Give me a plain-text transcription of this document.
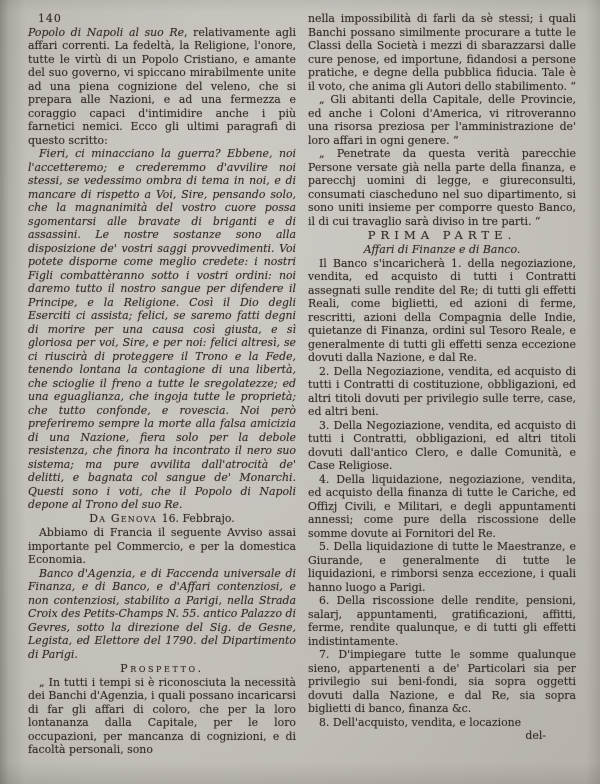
140
Popolo di Napoli al suo Re, relativamente agli affari correnti. La fedeltà, la Religione, l'onore, tutte le virtù di un Popolo Cristiano, e amante del suo governo, vi spiccano mirabilmente unite ad una piena cognizione del veleno, che si prepara alle Nazioni, e ad una fermezza e coraggio capaci d'intimidire anche i più farnetici nemici. Ecco gli ultimi paragrafi di questo scritto:
Fieri, ci minacciano la guerra? Ebbene, noi l'accetteremo; e crederemmo d'avvilire noi stessi, se vedessimo ombra di tema in noi, e di mancare di rispetto a Voi, Sire, pensando solo, che la magnanimità del vostro cuore possa sgomentarsi alle bravate di briganti e di assassini. Le nostre sostanze sono alla disposizione de' vostri saggi provvedimenti. Voi potete disporne come meglio credete: i nostri Figli combattèranno sotto i vostri ordini: noi daremo tutto il nostro sangue per difendere il Principe, e la Religione. Così il Dio degli Eserciti ci assista; felici, se saremo fatti degni di morire per una causa così giusta, e sì gloriosa per voi, Sire, e per noi: felici altresì, se ci riuscirà di proteggere il Trono e la Fede, tenendo lontana la contagione di una libertà, che scioglie il freno a tutte le sregolatezze; ed una eguaglianza, che ingoja tutte le proprietà; che tutto confonde, e rovescia. Noi però preferiremo sempre la morte alla falsa amicizia di una Nazione, fiera solo per la debole resistenza, che finora ha incontrato il nero suo sistema; ma pure avvilita dall'atrocità de' delitti, e bagnata col sangue de' Monarchi. Questi sono i voti, che il Popolo di Napoli depone al Trono del suo Re.
Da Genova 16. Febbrajo.
Abbiamo di Francia il seguente Avviso assai importante pel Commercio, e per la domestica Economia.
Banco d'Agenzia, e di Faccenda universale di Finanza, e di Banco, e d'Affari contenziosi, e non contenziosi, stabilito a Parigi, nella Strada Croix des Petits-Champs N. 55. antico Palazzo di Gevres, sotto la direzione del Sig. de Gesne, Legista, ed Elettore del 1790. del Dipartimento di Parigi.
Prospetto.
„ In tutti i tempi si è riconosciuta la necessità dei Banchi d'Agenzia, i quali possano incaricarsi di far gli affari di coloro, che per la loro lontananza dalla Capitale, per le loro occupazioni, per mancanza di cognizioni, e di facoltà personali, sono
nella impossibilità di farli da sè stessi; i quali Banchi possano similmente procurare a tutte le Classi della Società i mezzi di sbarazzarsi dalle cure penose, ed importune, fidandosi a persone pratiche, e degne della pubblica fiducia. Tale è il voto, che anima gli Autori dello stabilimento. “
„ Gli abitanti della Capitale, delle Provincie, ed anche i Coloni d'America, vi ritroveranno una risorsa preziosa per l'amministrazione de' loro affari in ogni genere. “
„ Penetrate da questa verità parecchie Persone versate già nella parte della finanza, e parecchj uomini di legge, e giureconsulti, consumati ciascheduno nel suo dipartimento, si sono uniti insieme per comporre questo Banco, il di cui travaglio sarà diviso in tre parti. “
PRIMA PARTE.
Affari di Finanze e di Banco.
Il Banco s'incaricherà 1. della negoziazione, vendita, ed acquisto di tutti i Contratti assegnati sulle rendite del Re; di tutti gli effetti Reali, come biglietti, ed azioni di ferme, rescritti, azioni della Compagnia delle Indie, quietanze di Finanza, ordini sul Tesoro Reale, e generalmente di tutti gli effetti senza eccezione dovuti dalla Nazione, e dal Re.
2. Della Negoziazione, vendita, ed acquisto di tutti i Contratti di costituzione, obbligazioni, ed altri titoli dovuti per privilegio sulle terre, case, ed altri beni.
3. Della Negoziazione, vendita, ed acquisto di tutti i Contratti, obbligazioni, ed altri titoli dovuti dall'antico Clero, e dalle Comunità, e Case Religiose.
4. Della liquidazione, negoziazione, vendita, ed acquisto della finanza di tutte le Cariche, ed Offizj Civili, e Militari, e degli appuntamenti annessi; come pure della riscossione delle somme dovute ai Fornitori del Re.
5. Della liquidazione di tutte le Maestranze, e Giurande, e generalmente di tutte le liquidazioni, e rimborsi senza eccezione, i quali hanno luogo a Parigi.
6. Della riscossione delle rendite, pensioni, salarj, appuntamenti, gratificazioni, affitti, ferme, rendite qualunque, e di tutti gli effetti indistintamente.
7. D'impiegare tutte le somme qualunque sieno, appartenenti a de' Particolari sia per privilegio sui beni-fondi, sia sopra oggetti dovuti dalla Nazione, e dal Re, sia sopra biglietti di banco, finanza &c.
8. Dell'acquisto, vendita, e locazione
del-
